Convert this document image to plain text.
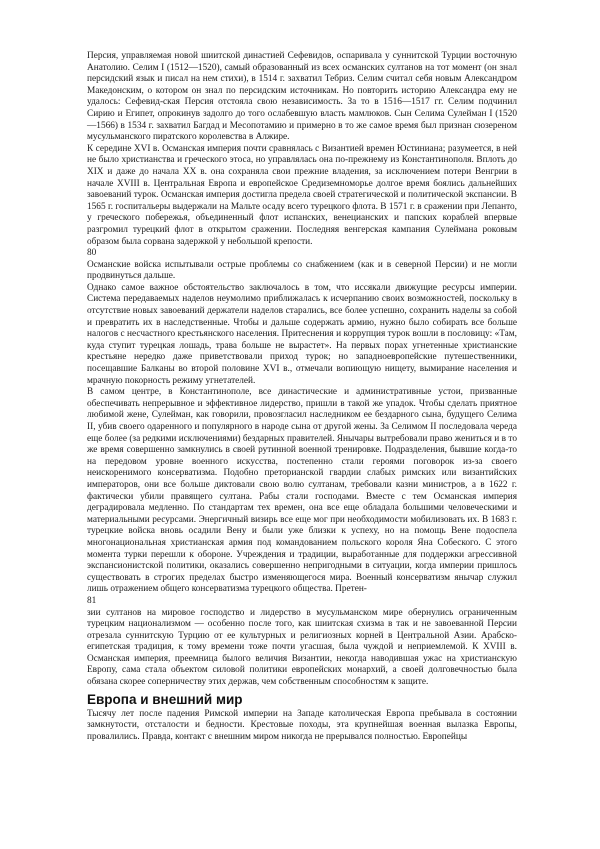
Персия, управляемая новой шиитской династией Сефевидов, оспаривала у суннитской Турции восточную Анатолию. Селим I (1512—1520), самый образованный из всех османских султанов на тот момент (он знал персидский язык и писал на нем стихи), в 1514 г. захватил Тебриз. Селим считал себя новым Александром Македонским, о котором он знал по персидским источникам. Но повторить историю Александра ему не удалось: Сефевид-ская Персия отстояла свою независимость. За то в 1516—1517 гг. Селим подчинил Сирию и Египет, опрокинув задолго до того ослабевшую власть мамлюков. Сын Селима Сулейман I (1520—1566) в 1534 г. захватил Багдад и Месопотамию и примерно в то же самое время был признан сюзереном мусульманского пиратского королевства в Алжире.

К середине XVI в. Османская империя почти сравнялась с Византией времен Юстиниана; разумеется, в ней не было христианства и греческого этоса, но управлялась она по-прежнему из Константинополя. Вплоть до XIX и даже до начала XX в. она сохраняла свои прежние владения, за исключением потери Венгрии в начале XVIII в. Центральная Европа и европейское Средиземноморье долгое время боялись дальнейших завоеваний турок. Османская империя достигла предела своей стратегической и политической экспансии. В 1565 г. госпитальеры выдержали на Мальте осаду всего турецкого флота. В 1571 г. в сражении при Лепанто, у греческого побережья, объединенный флот испанских, венецианских и папских кораблей впервые разгромил турецкий флот в открытом сражении. Последняя венгерская кампания Сулеймана роковым образом была сорвана задержкой у небольшой крепости.

80

Османские войска испытывали острые проблемы со снабжением (как и в северной Персии) и не могли продвинуться дальше.

Однако самое важное обстоятельство заключалось в том, что иссякали движущие ресурсы империи. Система передаваемых наделов неумолимо приближалась к исчерпанию своих возможностей, поскольку в отсутствие новых завоеваний держатели наделов старались, все более успешно, сохранить наделы за собой и превратить их в наследственные. Чтобы и дальше содержать армию, нужно было собирать все больше налогов с несчастного крестьянского населения. Притеснения и коррупция турок вошли в пословицу: «Там, куда ступит турецкая лошадь, трава больше не вырастет». На первых порах угнетенные христианские крестьяне нередко даже приветствовали приход турок; но западноевропейские путешественники, посещавшие Балканы во второй половине XVI в., отмечали вопиющую нищету, вымирание населения и мрачную покорность режиму угнетателей.

В самом центре, в Константинополе, все династические и административные устои, призванные обеспечивать непрерывное и эффективное лидерство, пришли в такой же упадок. Чтобы сделать приятное любимой жене, Сулейман, как говорили, провозгласил наследником ее бездарного сына, будущего Селима II, убив своего одаренного и популярного в народе сына от другой жены. За Селимом II последовала череда еще более (за редкими исключениями) бездарных правителей. Янычары вытребовали право жениться и в то же время совершенно замкнулись в своей рутинной военной тренировке. Подразделения, бывшие когда-то на передовом уровне военного искусства, постепенно стали героями поговорок из-за своего неискоренимого консерватизма. Подобно преторианской гвардии слабых римских или византийских императоров, они все больше диктовали свою волю султанам, требовали казни министров, а в 1622 г. фактически убили правящего султана. Рабы стали господами. Вместе с тем Османская империя деградировала медленно. По стандартам тех времен, она все еще обладала большими человеческими и материальными ресурсами. Энергичный визирь все еще мог при необходимости мобилизовать их. В 1683 г. турецкие войска вновь осадили Вену и были уже близки к успеху, но на помощь Вене подоспела многонациональная христианская армия под командованием польского короля Яна Собеского. С этого момента турки перешли к обороне. Учреждения и традиции, выработанные для поддержки агрессивной экспансионистской политики, оказались совершенно непригодными в ситуации, когда империи пришлось существовать в строгих пределах быстро изменяющегося мира. Военный консерватизм янычар служил лишь отражением общего консерватизма турецкого общества. Претен-

81

зии султанов на мировое господство и лидерство в мусульманском мире обернулись ограниченным турецким национализмом — особенно после того, как шиитская схизма в так и не завоеванной Персии отрезала суннитскую Турцию от ее культурных и религиозных корней в Центральной Азии. Арабско-египетская традиция, к тому времени тоже почти угасшая, была чуждой и неприемлемой. К XVIII в. Османская империя, преемница былого величия Византии, некогда наводившая ужас на христианскую Европу, сама стала объектом силовой политики европейских монархий, а своей долговечностью была обязана скорее соперничеству этих держав, чем собственным способностям к защите.

Европа и внешний мир

Тысячу лет после падения Римской империи на Западе католическая Европа пребывала в состоянии замкнутости, отсталости и бедности. Крестовые походы, эта крупнейшая военная вылазка Европы, провалились. Правда, контакт с внешним миром никогда не прерывался полностью. Европейцы
